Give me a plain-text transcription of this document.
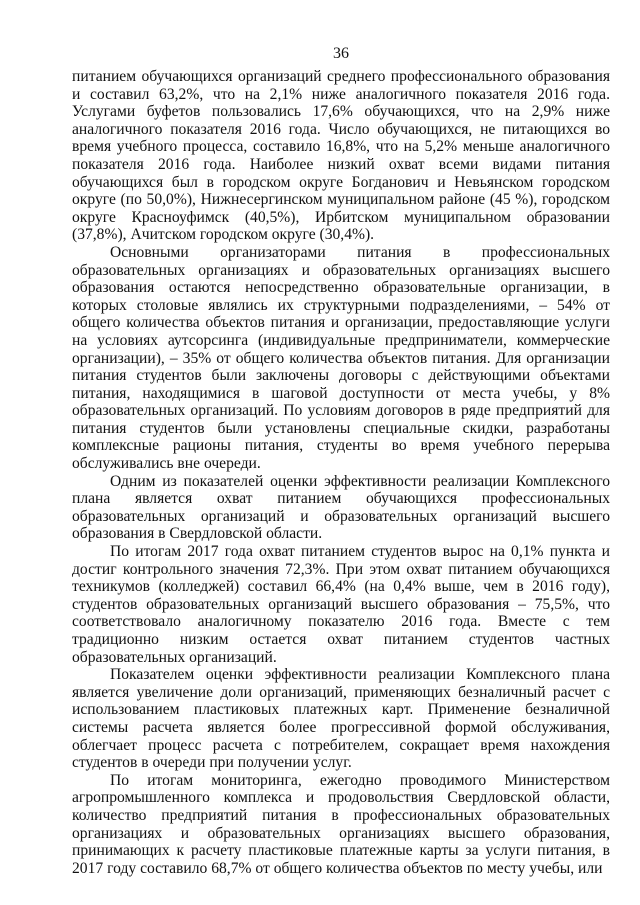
36

питанием обучающихся организаций среднего профессионального образования и составил 63,2%, что на 2,1% ниже аналогичного показателя 2016 года. Услугами буфетов пользовались 17,6% обучающихся, что на 2,9% ниже аналогичного показателя 2016 года. Число обучающихся, не питающихся во время учебного процесса, составило 16,8%, что на 5,2% меньше аналогичного показателя 2016 года. Наиболее низкий охват всеми видами питания обучающихся был в городском округе Богданович и Невьянском городском округе (по 50,0%), Нижнесергинском муниципальном районе (45 %), городском округе Красноуфимск (40,5%), Ирбитском муниципальном образовании (37,8%), Ачитском городском округе (30,4%).

Основными организаторами питания в профессиональных образовательных организациях и образовательных организациях высшего образования остаются непосредственно образовательные организации, в которых столовые являлись их структурными подразделениями, – 54% от общего количества объектов питания и организации, предоставляющие услуги на условиях аутсорсинга (индивидуальные предприниматели, коммерческие организации), – 35% от общего количества объектов питания. Для организации питания студентов были заключены договоры с действующими объектами питания, находящимися в шаговой доступности от места учебы, у 8% образовательных организаций. По условиям договоров в ряде предприятий для питания студентов были установлены специальные скидки, разработаны комплексные рационы питания, студенты во время учебного перерыва обслуживались вне очереди.

Одним из показателей оценки эффективности реализации Комплексного плана является охват питанием обучающихся профессиональных образовательных организаций и образовательных организаций высшего образования в Свердловской области.

По итогам 2017 года охват питанием студентов вырос на 0,1% пункта и достиг контрольного значения 72,3%. При этом охват питанием обучающихся техникумов (колледжей) составил 66,4% (на 0,4% выше, чем в 2016 году), студентов образовательных организаций высшего образования – 75,5%, что соответствовало аналогичному показателю 2016 года. Вместе с тем традиционно низким остается охват питанием студентов частных образовательных организаций.

Показателем оценки эффективности реализации Комплексного плана является увеличение доли организаций, применяющих безналичный расчет с использованием пластиковых платежных карт. Применение безналичной системы расчета является более прогрессивной формой обслуживания, облегчает процесс расчета с потребителем, сокращает время нахождения студентов в очереди при получении услуг.

По итогам мониторинга, ежегодно проводимого Министерством агропромышленного комплекса и продовольствия Свердловской области, количество предприятий питания в профессиональных образовательных организациях и образовательных организациях высшего образования, принимающих к расчету пластиковые платежные карты за услуги питания, в 2017 году составило 68,7% от общего количества объектов по месту учебы, или
